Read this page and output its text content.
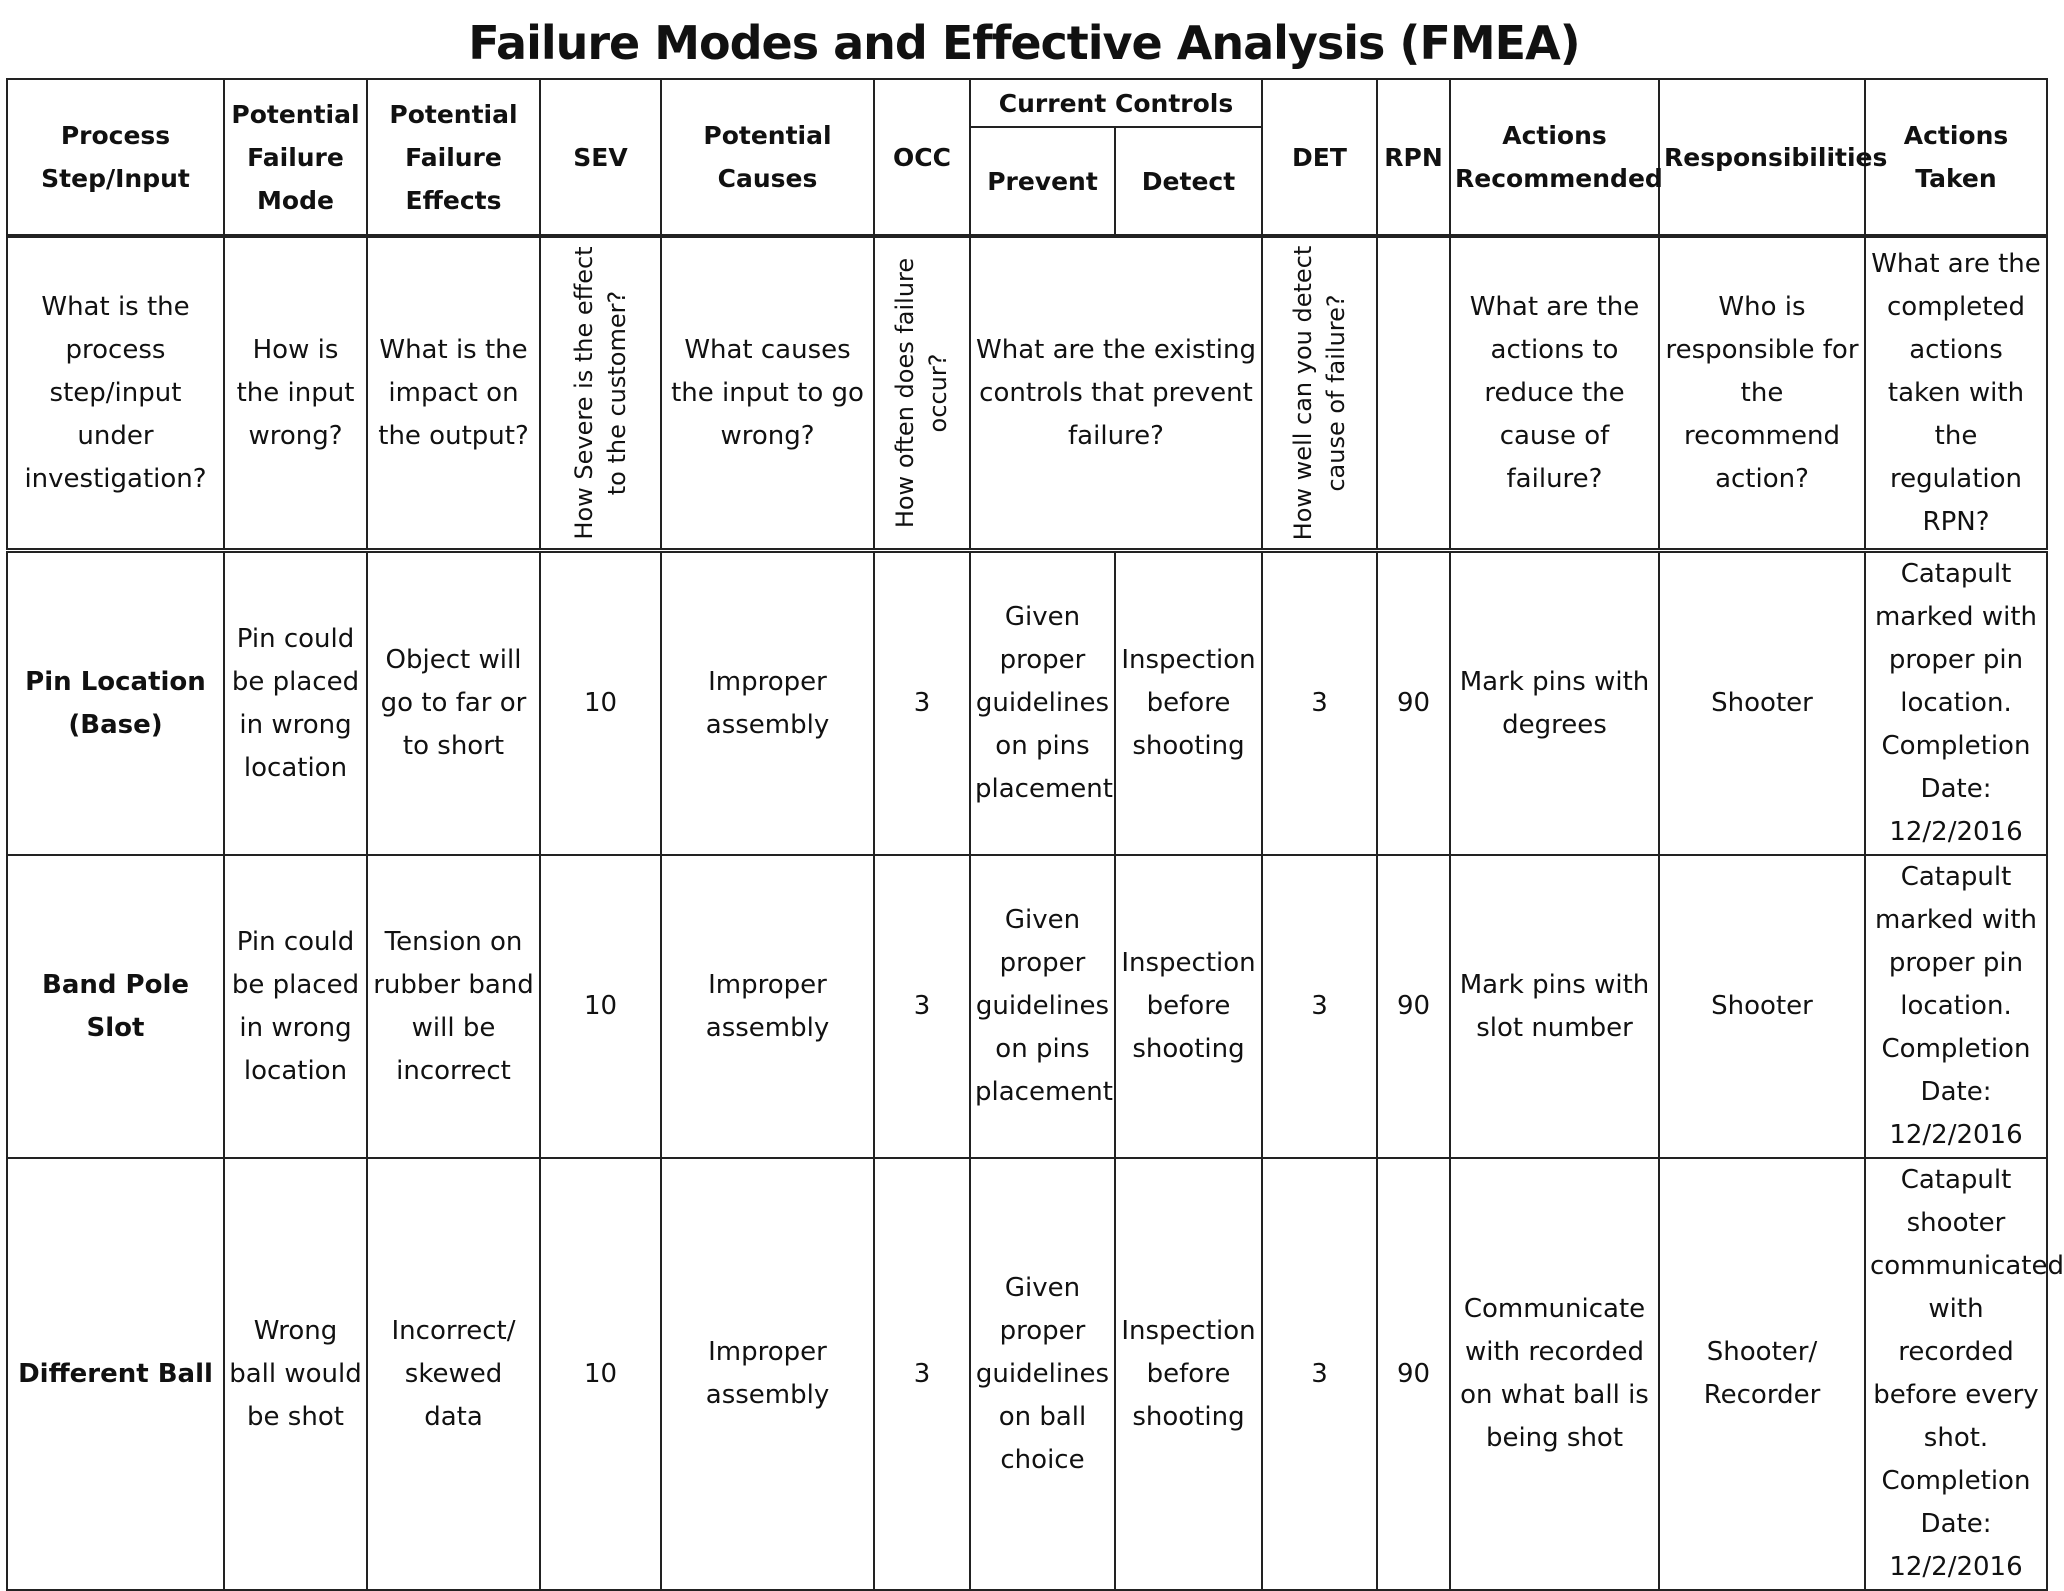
Failure Modes and Effective Analysis (FMEA)
Process Step/Input	Potential Failure Mode	Potential Failure Effects	SEV	Potential Causes	OCC	Current Controls		DET	RPN	Actions Recommended	Responsibilities	Actions Taken
						Prevent	Detect					
What is the process step/input under investigation?	How is the input wrong?	What is the impact on the output?	How Severe is the effect to the customer?	What causes the input to go wrong?	How often does failure occur?	What are the existing controls that prevent failure?		How well can you detect cause of failure?		What are the actions to reduce the cause of failure?	Who is responsible for the recommend action?	What are the completed actions taken with the regulation RPN?
Pin Location (Base)	Pin could be placed in wrong location	Object will go to far or to short	10	Improper assembly	3	Given proper guidelines on pins placement	Inspection before shooting	3	90	Mark pins with degrees	Shooter	Catapult marked with proper pin location. Completion Date: 12/2/2016
Band Pole Slot	Pin could be placed in wrong location	Tension on rubber band will be incorrect	10	Improper assembly	3	Given proper guidelines on pins placement	Inspection before shooting	3	90	Mark pins with slot number	Shooter	Catapult marked with proper pin location. Completion Date: 12/2/2016
Different Ball	Wrong ball would be shot	Incorrect/ skewed data	10	Improper assembly	3	Given proper guidelines on ball choice	Inspection before shooting	3	90	Communicate with recorded on what ball is being shot	Shooter/ Recorder	Catapult shooter communicated with recorded before every shot. Completion Date: 12/2/2016
